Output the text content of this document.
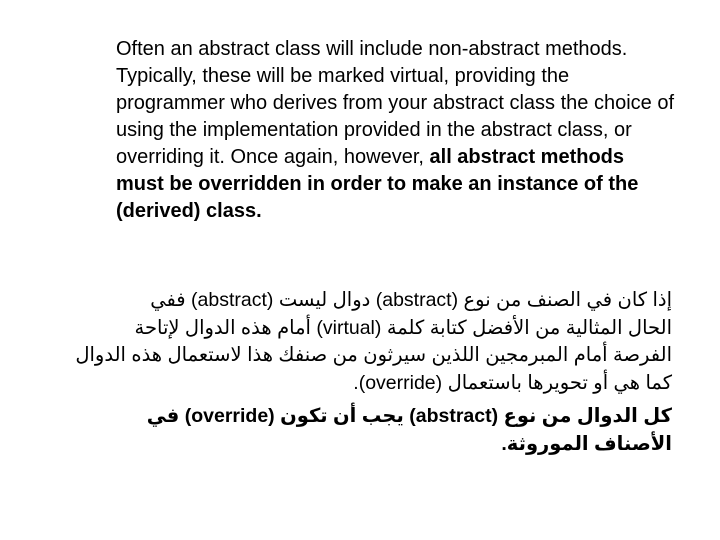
Often an abstract class will include non-abstract methods. Typically, these will be marked virtual, providing the programmer who derives from your abstract class the choice of using the implementation provided in the abstract class, or overriding it. Once again, however, all abstract methods must be overridden in order to make an instance of the (derived) class.

إذا كان في الصنف من نوع (abstract) دوال ليست (abstract) ففي
الحال المثالية من الأفضل كتابة كلمة (virtual) أمام هذه الدوال لإتاحة
الفرصة أمام المبرمجين اللذين سيرثون من صنفك هذا لاستعمال هذه الدوال
كما هي أو تحويرها باستعمال (override).
كل الدوال من نوع (abstract) يجب أن تكون (override) في
الأصناف الموروثة.
